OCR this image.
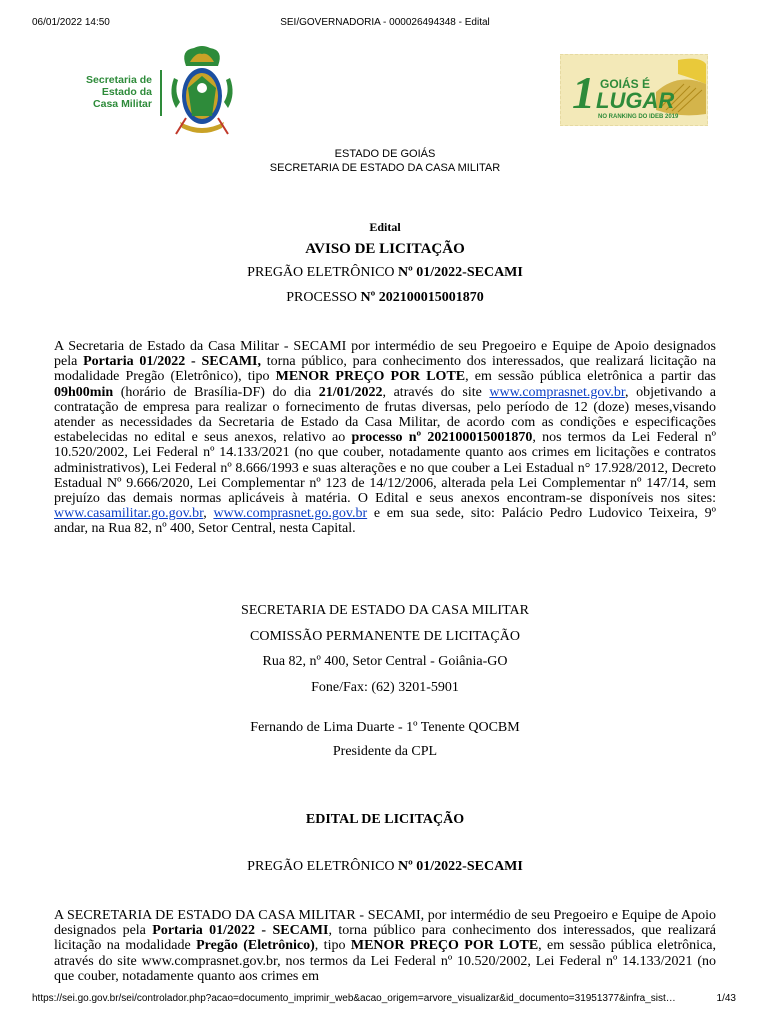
06/01/2022 14:50	SEI/GOVERNADORIA - 000026494348 - Edital
Secretaria de
Estado da
Casa Militar	1 GOIÁS É
LUGAR
NO RANKING DO IDEB 2019
ESTADO DE GOIÁS
SECRETARIA DE ESTADO DA CASA MILITAR
Edital
AVISO DE LICITAÇÃO
PREGÃO ELETRÔNICO Nº 01/2022-SECAMI
PROCESSO Nº 202100015001870
A Secretaria de Estado da Casa Militar - SECAMI por intermédio de seu Pregoeiro e Equipe de Apoio designados pela Portaria 01/2022 - SECAMI, torna público, para conhecimento dos interessados, que realizará licitação na modalidade Pregão (Eletrônico), tipo MENOR PREÇO POR LOTE, em sessão pública eletrônica a partir das 09h00min (horário de Brasília-DF) do dia 21/01/2022, através do site www.comprasnet.gov.br, objetivando a contratação de empresa para realizar o fornecimento de frutas diversas, pelo período de 12 (doze) meses,visando atender as necessidades da Secretaria de Estado da Casa Militar, de acordo com as condições e especificações estabelecidas no edital e seus anexos, relativo ao processo nº 202100015001870, nos termos da Lei Federal nº 10.520/2002, Lei Federal nº 14.133/2021 (no que couber, notadamente quanto aos crimes em licitações e contratos administrativos), Lei Federal nº 8.666/1993 e suas alterações e no que couber a Lei Estadual n° 17.928/2012, Decreto Estadual Nº 9.666/2020, Lei Complementar nº 123 de 14/12/2006, alterada pela Lei Complementar nº 147/14, sem prejuízo das demais normas aplicáveis à matéria. O Edital e seus anexos encontram-se disponíveis nos sites: www.casamilitar.go.gov.br, www.comprasnet.go.gov.br e em sua sede, sito: Palácio Pedro Ludovico Teixeira, 9º andar, na Rua 82, nº 400, Setor Central, nesta Capital.
SECRETARIA DE ESTADO DA CASA MILITAR
COMISSÃO PERMANENTE DE LICITAÇÃO
Rua 82, nº 400, Setor Central - Goiânia-GO
Fone/Fax: (62) 3201-5901
Fernando de Lima Duarte - 1º Tenente QOCBM
Presidente da CPL
EDITAL DE LICITAÇÃO
PREGÃO ELETRÔNICO Nº 01/2022-SECAMI
A SECRETARIA DE ESTADO DA CASA MILITAR - SECAMI, por intermédio de seu Pregoeiro e Equipe de Apoio designados pela Portaria 01/2022 - SECAMI, torna público para conhecimento dos interessados, que realizará licitação na modalidade Pregão (Eletrônico), tipo MENOR PREÇO POR LOTE, em sessão pública eletrônica, através do site www.comprasnet.gov.br, nos termos da Lei Federal nº 10.520/2002, Lei Federal nº 14.133/2021 (no que couber, notadamente quanto aos crimes em
https://sei.go.gov.br/sei/controlador.php?acao=documento_imprimir_web&acao_origem=arvore_visualizar&id_documento=31951377&infra_sist…	1/43
